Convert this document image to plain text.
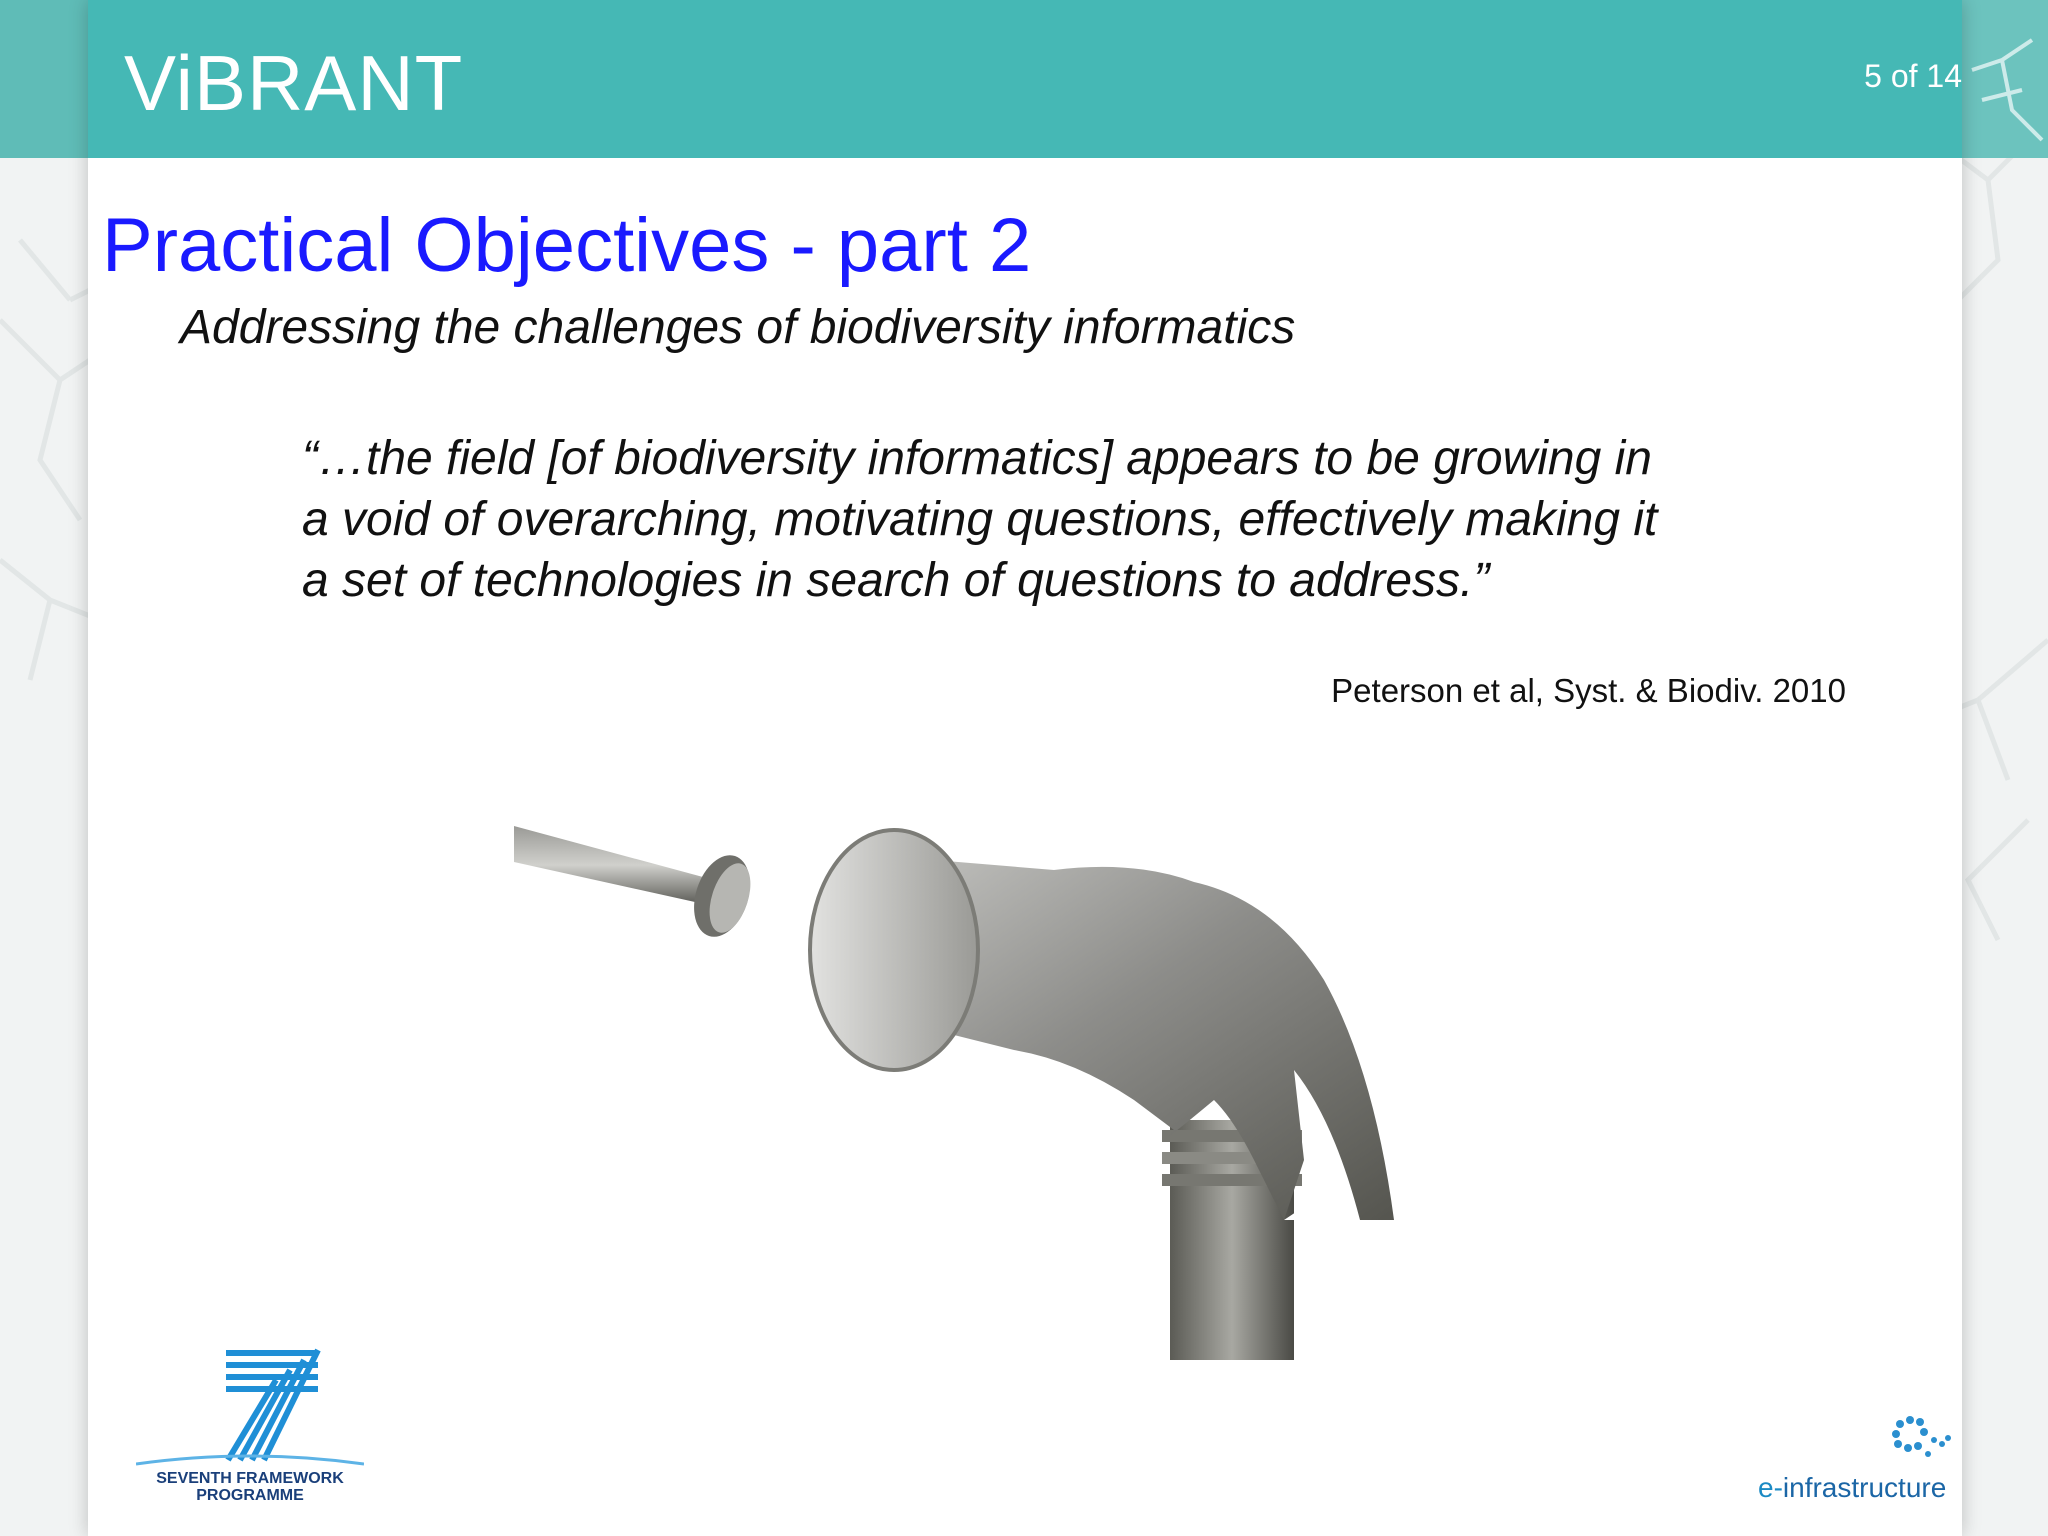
ViBRANT	5 of 14
Practical Objectives - part 2
Addressing the challenges of biodiversity informatics
“…the field [of biodiversity informatics] appears to be growing in
a void of overarching, motivating questions, effectively making it
a set of technologies in search of questions to address.”
Peterson et al, Syst. & Biodiv. 2010
SEVENTH FRAMEWORK
PROGRAMME	e-infrastructure
